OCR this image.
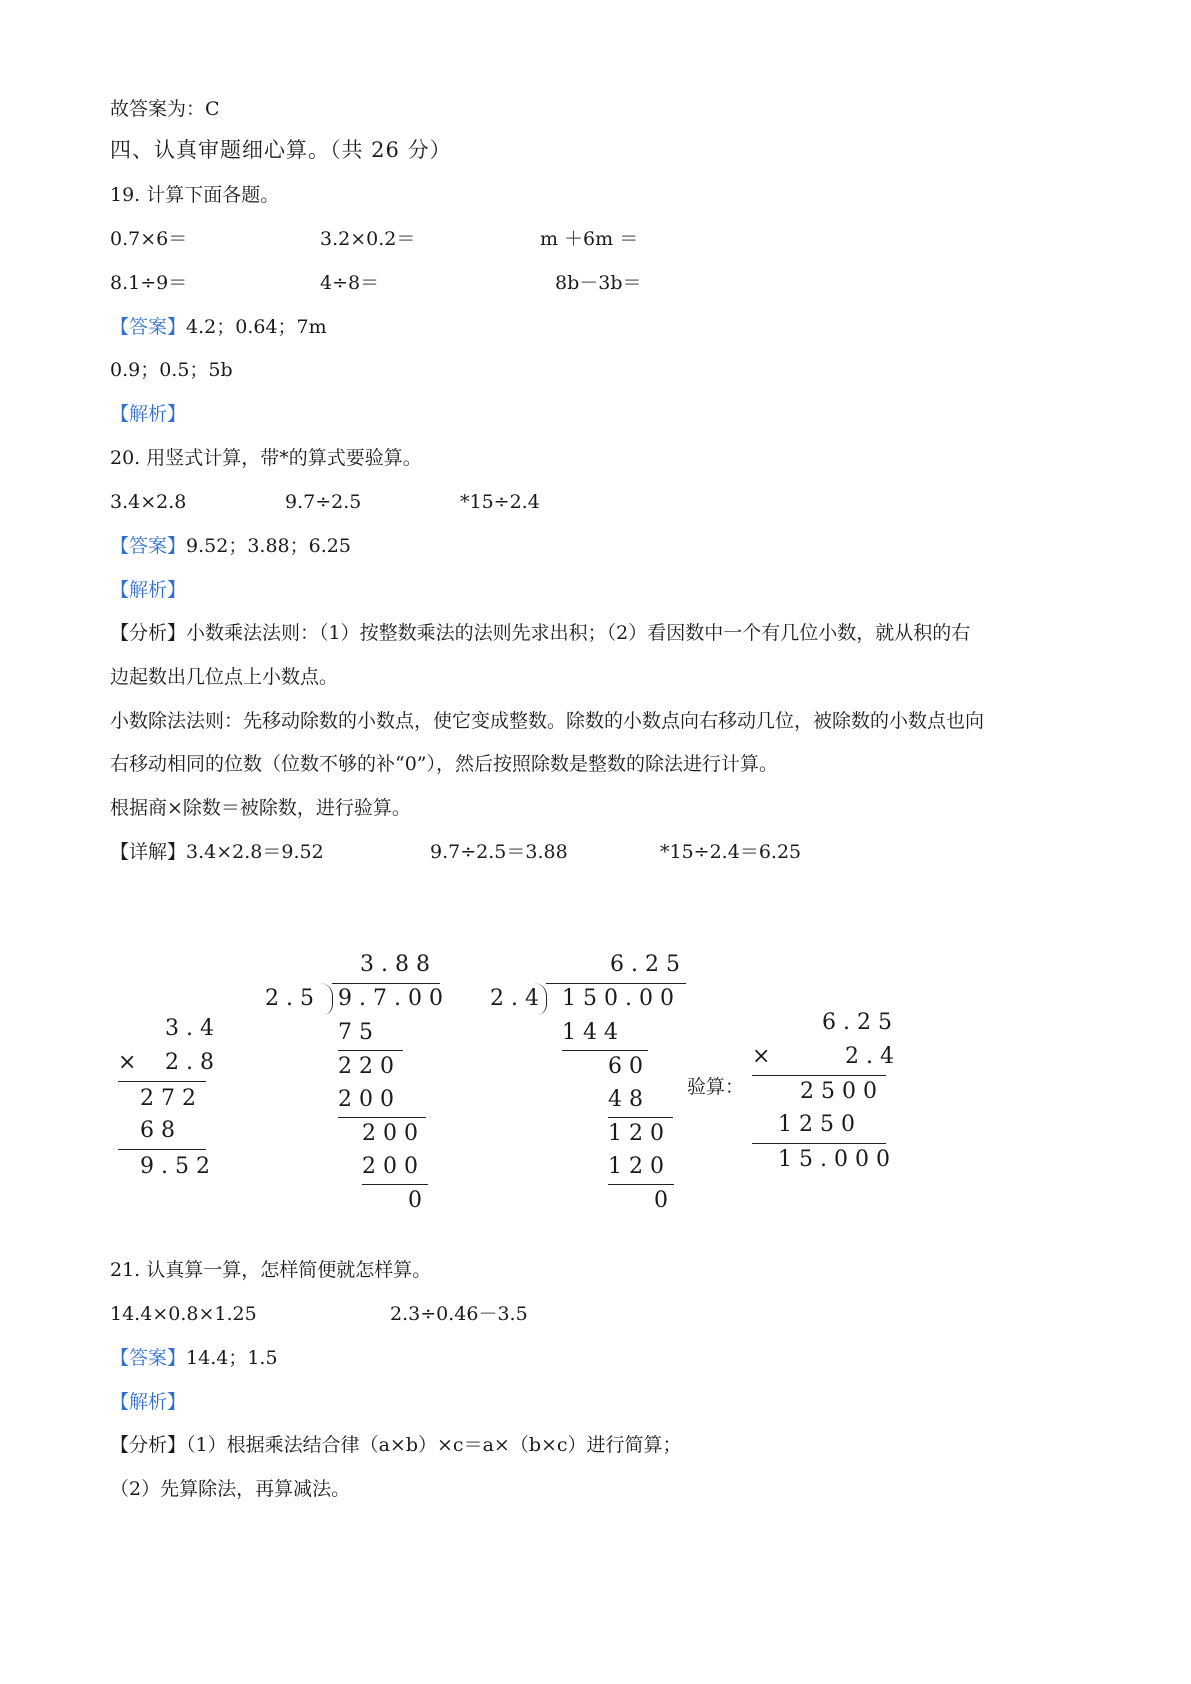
故答案为：C
四、认真审题细心算。（共 26 分）
19. 计算下面各题。
0.7×6＝	3.2×0.2＝	m ＋6m ＝
8.1÷9＝	4÷8＝	8b－3b＝
【答案】4.2；0.64；7m
0.9；0.5；5b
【解析】
20. 用竖式计算，带*的算式要验算。
3.4×2.8	9.7÷2.5	*15÷2.4
【答案】9.52；3.88；6.25
【解析】
【分析】小数乘法法则：（1）按整数乘法的法则先求出积；（2）看因数中一个有几位小数，就从积的右
边起数出几位点上小数点。
小数除法法则：先移动除数的小数点，使它变成整数。除数的小数点向右移动几位，被除数的小数点也向
右移动相同的位数（位数不够的补“0”），然后按照除数是整数的除法进行计算。
根据商×除数＝被除数，进行验算。
【详解】3.4×2.8＝9.52	9.7÷2.5＝3.88	*15÷2.4＝6.25
3.4
× 2.8
272
68
9.52
3.88
2.5 9.7.00
75
220
200
200
200
0
6.25
2.4 150.00
144
60
48
120
120
0
验算：
6.25
×	2.4
2500
1250
15.000
21. 认真算一算，怎样简便就怎样算。
14.4×0.8×1.25	2.3÷0.46－3.5
【答案】14.4；1.5
【解析】
【分析】（1）根据乘法结合律（a×b）×c＝a×（b×c）进行简算；
（2）先算除法，再算减法。
